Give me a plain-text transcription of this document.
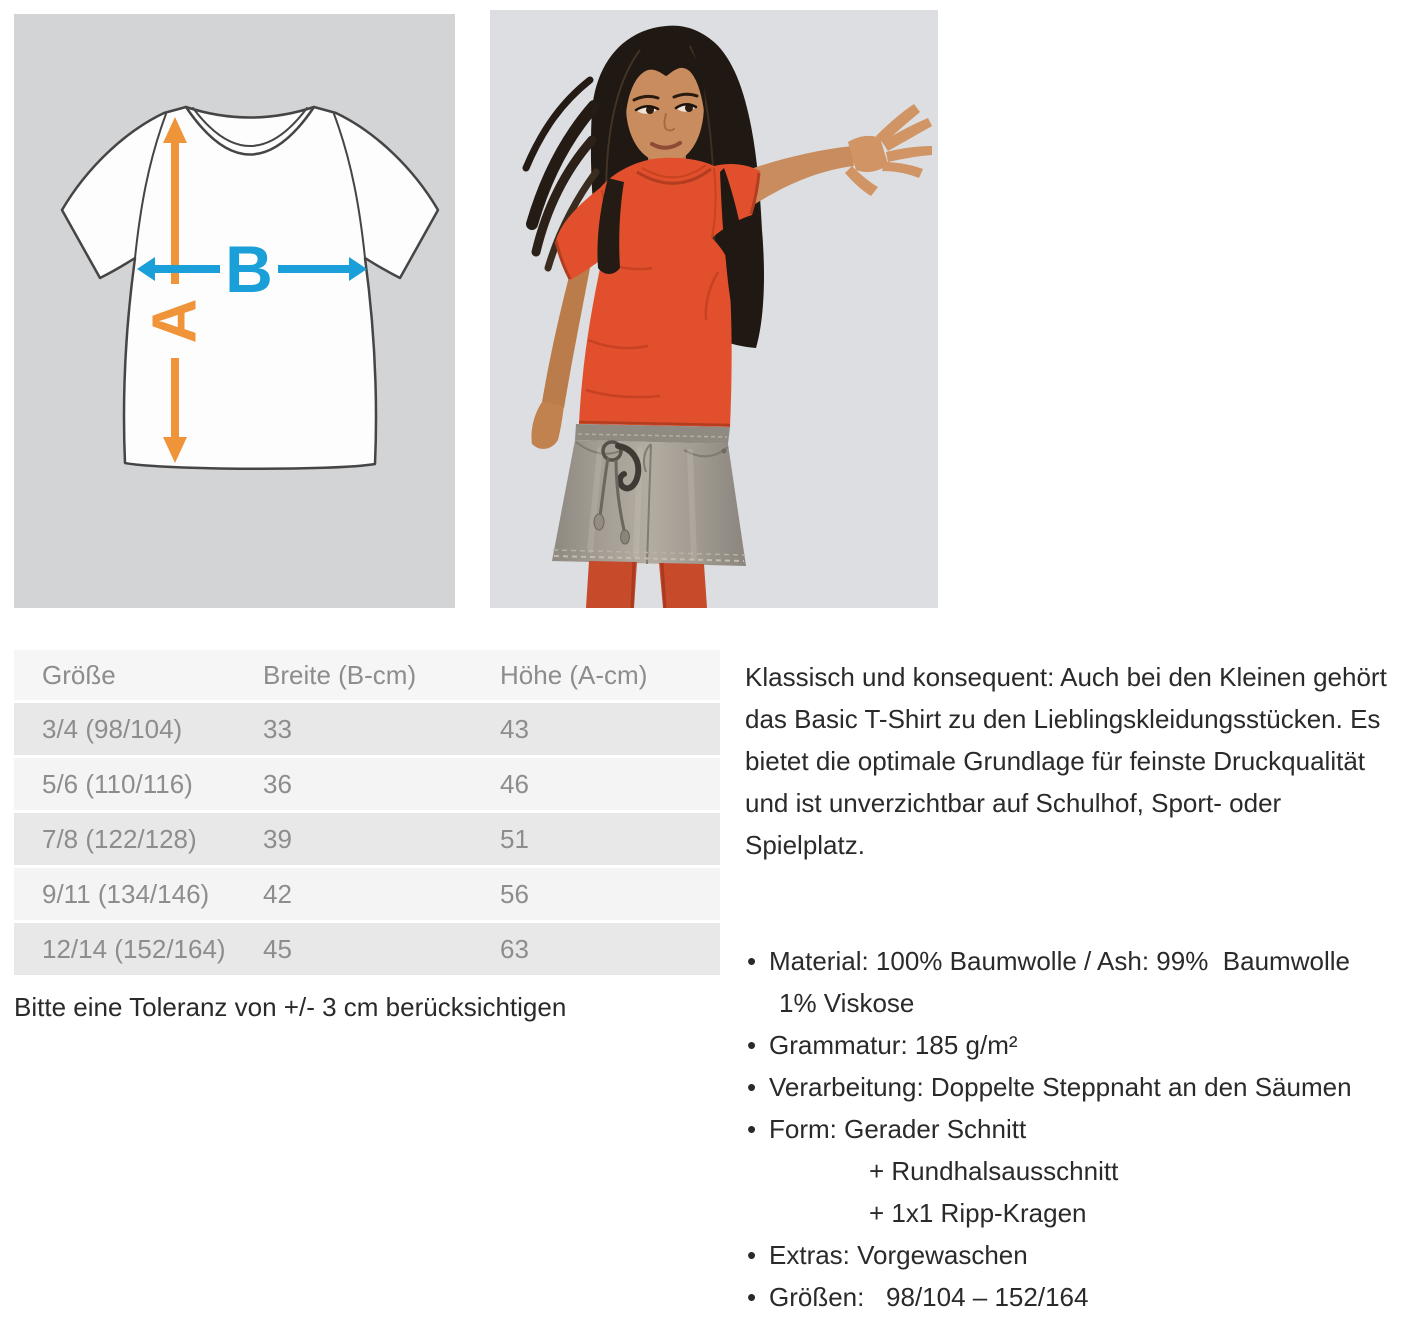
A
B
Größe	Breite (B-cm)	Höhe (A-cm)
3/4 (98/104)	33	43
5/6 (110/116)	36	46
7/8 (122/128)	39	51
9/11 (134/146)	42	56
12/14 (152/164)	45	63

Bitte eine Toleranz von +/- 3 cm berücksichtigen

Klassisch und konsequent: Auch bei den Kleinen gehört das Basic T-Shirt zu den Lieblingskleidungsstücken. Es bietet die optimale Grundlage für feinste Druckqualität und ist unverzichtbar auf Schulhof, Sport- oder Spielplatz.

• Material: 100% Baumwolle / Ash: 99%  Baumwolle
1% Viskose
• Grammatur: 185 g/m²
• Verarbeitung: Doppelte Steppnaht an den Säumen
• Form: Gerader Schnitt
+ Rundhalsausschnitt
+ 1x1 Ripp-Kragen
• Extras: Vorgewaschen
• Größen:   98/104 – 152/164
